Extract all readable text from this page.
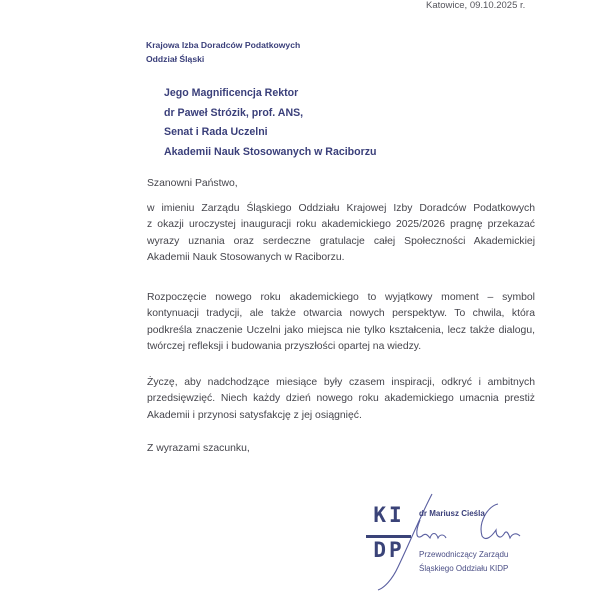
Katowice, 09.10.2025 r.
Krajowa Izba Doradców Podatkowych
Oddział Śląski
Jego Magnificencja Rektor
dr Paweł Strózik, prof. ANS,
Senat i Rada Uczelni
Akademii Nauk Stosowanych w Raciborzu
Szanowni Państwo,
w imieniu Zarządu Śląskiego Oddziału Krajowej Izby Doradców Podatkowych
z okazji uroczystej inauguracji roku akademickiego 2025/2026 pragnę przekazać
wyrazy uznania oraz serdeczne gratulacje całej Społeczności Akademickiej
Akademii Nauk Stosowanych w Raciborzu.
Rozpoczęcie nowego roku akademickiego to wyjątkowy moment – symbol
kontynuacji tradycji, ale także otwarcia nowych perspektyw. To chwila, która
podkreśla znaczenie Uczelni jako miejsca nie tylko kształcenia, lecz także dialogu,
twórczej refleksji i budowania przyszłości opartej na wiedzy.
Życzę, aby nadchodzące miesiące były czasem inspiracji, odkryć i ambitnych
przedsięwzięć. Niech każdy dzień nowego roku akademickiego umacnia prestiż
Akademii i przynosi satysfakcję z jej osiągnięć.
Z wyrazami szacunku,
KI
DP
dr Mariusz Cieśla
Przewodniczący Zarządu
Śląskiego Oddziału KIDP
